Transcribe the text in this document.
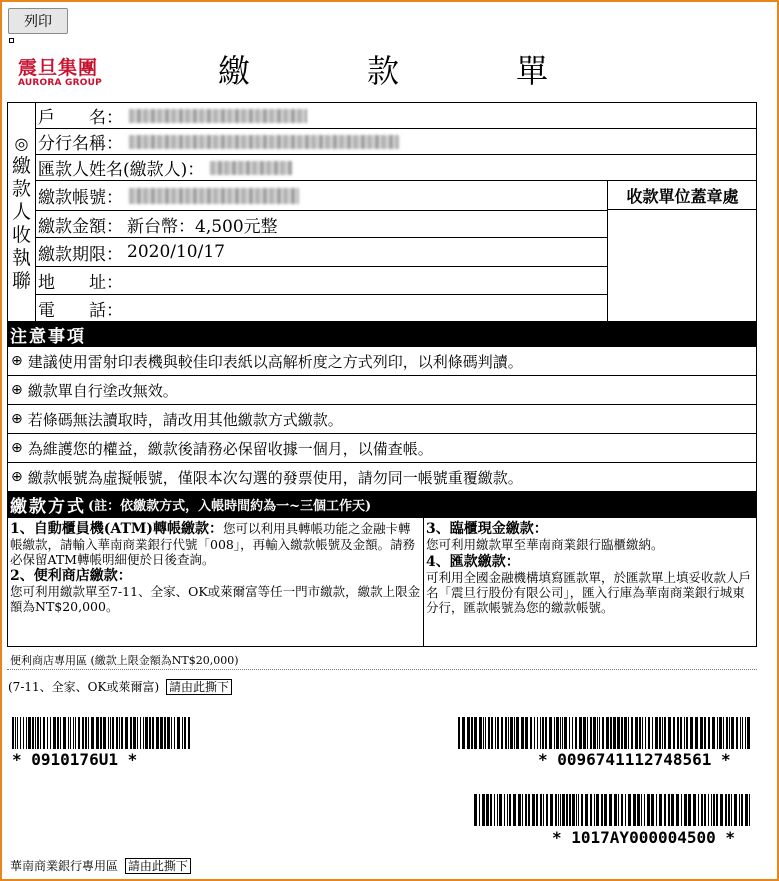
列印
震旦集團
AURORA GROUP	繳	款	單
◎
繳
款
人
收
執
聯
戶　　名：
分行名稱：
匯款人姓名(繳款人)：
繳款帳號：
繳款金額： 新台幣：4,500元整
繳款期限： 2020/10/17
地　　址：
電　　話：
收款單位蓋章處
注意事項
⊕ 建議使用雷射印表機與較佳印表紙以高解析度之方式列印，以利條碼判讀。
⊕ 繳款單自行塗改無效。
⊕ 若條碼無法讀取時，請改用其他繳款方式繳款。
⊕ 為維護您的權益，繳款後請務必保留收據一個月，以備查帳。
⊕ 繳款帳號為虛擬帳號，僅限本次勾選的發票使用，請勿同一帳號重覆繳款。
繳款方式 (註：依繳款方式，入帳時間約為一~三個工作天)
1、自動櫃員機(ATM)轉帳繳款：您可以利用具轉帳功能之金融卡轉帳繳款，請輸入華南商業銀行代號「008」，再輸入繳款帳號及金額。請務必保留ATM轉帳明細便於日後查詢。
2、便利商店繳款：
您可利用繳款單至7-11、全家、OK或萊爾富等任一門市繳款，繳款上限金額為NT$20,000。
3、臨櫃現金繳款：
您可利用繳款單至華南商業銀行臨櫃繳納。
4、匯款繳款：
可利用全國金融機構填寫匯款單，於匯款單上填妥收款人戶名「震旦行股份有限公司」，匯入行庫為華南商業銀行城東分行，匯款帳號為您的繳款帳號。
便利商店專用區 (繳款上限金額為NT$20,000)
(7-11、全家、OK或萊爾富) 請由此撕下
* 0910176U1 *	* 0096741112748561 *
* 1017AY000004500 *
華南商業銀行專用區 請由此撕下
